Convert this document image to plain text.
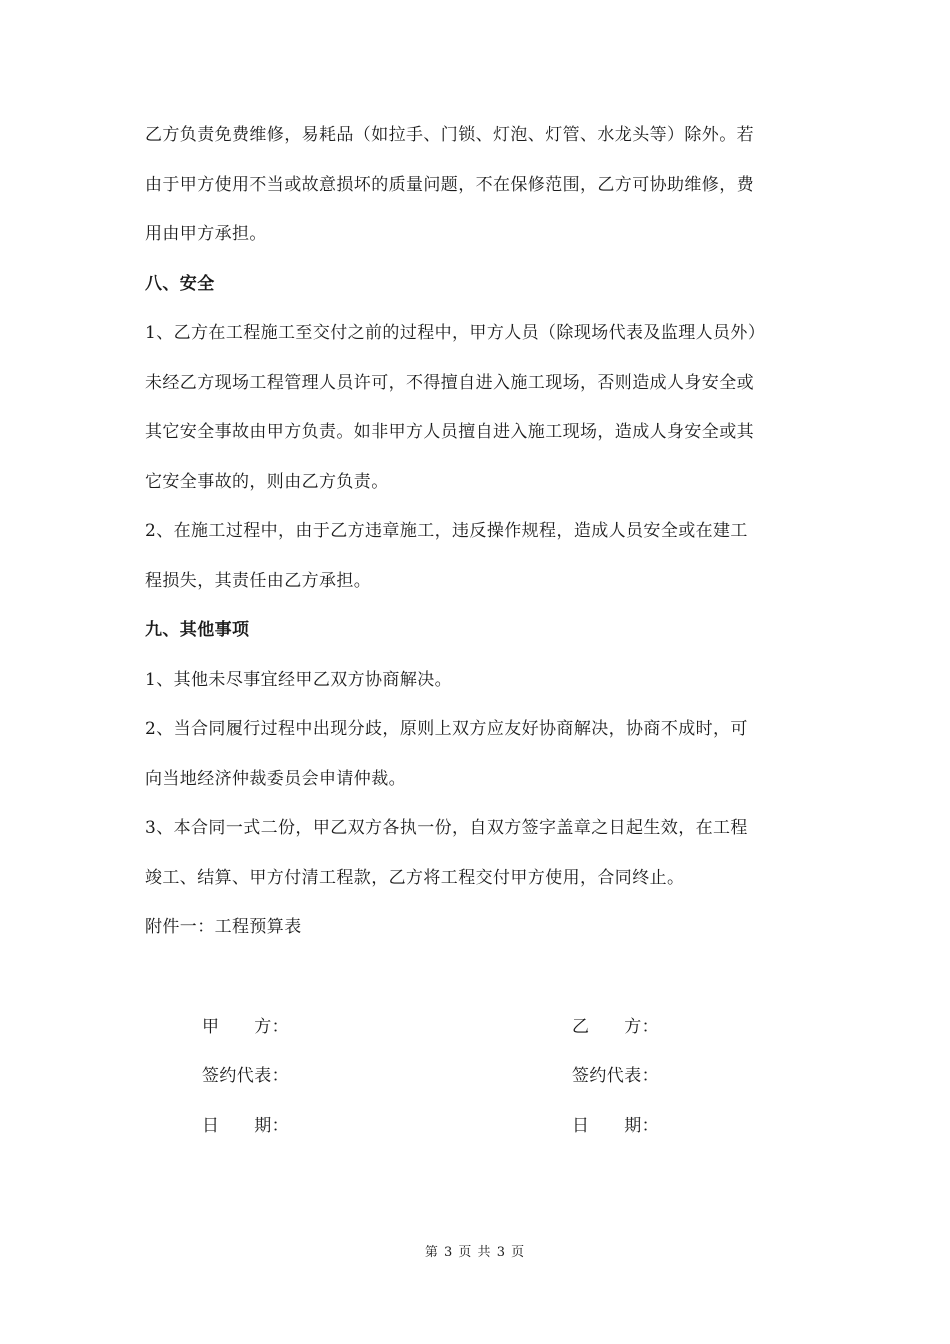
乙方负责免费维修，易耗品（如拉手、门锁、灯泡、灯管、水龙头等）除外。若
由于甲方使用不当或故意损坏的质量问题，不在保修范围，乙方可协助维修，费
用由甲方承担。
八、安全
1、乙方在工程施工至交付之前的过程中，甲方人员（除现场代表及监理人员外）
未经乙方现场工程管理人员许可，不得擅自进入施工现场，否则造成人身安全或
其它安全事故由甲方负责。如非甲方人员擅自进入施工现场，造成人身安全或其
它安全事故的，则由乙方负责。
2、在施工过程中，由于乙方违章施工，违反操作规程，造成人员安全或在建工
程损失，其责任由乙方承担。
九、其他事项
1、其他未尽事宜经甲乙双方协商解决。
2、当合同履行过程中出现分歧，原则上双方应友好协商解决，协商不成时，可
向当地经济仲裁委员会申请仲裁。
3、本合同一式二份，甲乙双方各执一份，自双方签字盖章之日起生效，在工程
竣工、结算、甲方付清工程款，乙方将工程交付甲方使用，合同终止。
附件一：工程预算表
甲　　方：	乙　　方：
签约代表：	签约代表：
日　　期：	日　　期：
第 3 页 共 3 页
